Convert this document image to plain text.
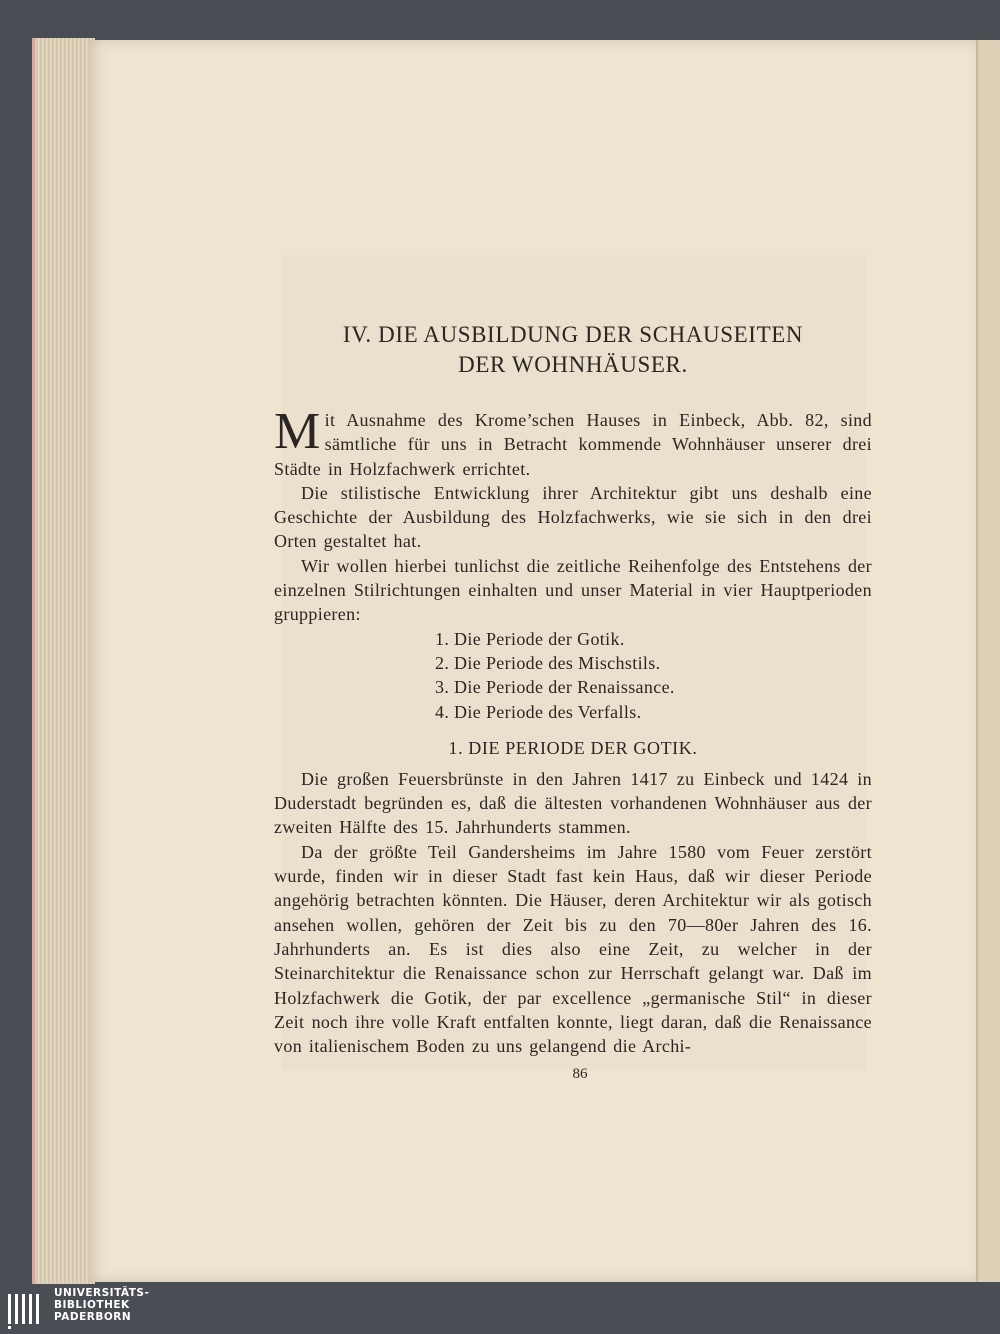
IV. DIE AUSBILDUNG DER SCHAUSEITEN
DER WOHNHÄUSER.

Mit Ausnahme des Krome’schen Hauses in Einbeck, Abb. 82, sind sämtliche für uns in Betracht kommende Wohnhäuser unserer drei Städte in Holzfachwerk errichtet.

Die stilistische Entwicklung ihrer Architektur gibt uns deshalb eine Geschichte der Ausbildung des Holzfachwerks, wie sie sich in den drei Orten gestaltet hat.

Wir wollen hierbei tunlichst die zeitliche Reihenfolge des Entstehens der einzelnen Stilrichtungen einhalten und unser Material in vier Hauptperioden gruppieren:

1. Die Periode der Gotik.
2. Die Periode des Mischstils.
3. Die Periode der Renaissance.
4. Die Periode des Verfalls.
1. DIE PERIODE DER GOTIK.

Die großen Feuersbrünste in den Jahren 1417 zu Einbeck und 1424 in Duderstadt begründen es, daß die ältesten vorhandenen Wohnhäuser aus der zweiten Hälfte des 15. Jahrhunderts stammen.

Da der größte Teil Gandersheims im Jahre 1580 vom Feuer zerstört wurde, finden wir in dieser Stadt fast kein Haus, daß wir dieser Periode angehörig betrachten könnten. Die Häuser, deren Architektur wir als gotisch ansehen wollen, gehören der Zeit bis zu den 70—80er Jahren des 16. Jahrhunderts an. Es ist dies also eine Zeit, zu welcher in der Steinarchitektur die Renaissance schon zur Herrschaft gelangt war. Daß im Holzfachwerk die Gotik, der par excellence „germanische Stil“ in dieser Zeit noch ihre volle Kraft entfalten konnte, liegt daran, daß die Renaissance von italienischem Boden zu uns gelangend die Archi-

86
UNIVERSITÄTS-
BIBLIOTHEK
PADERBORN
